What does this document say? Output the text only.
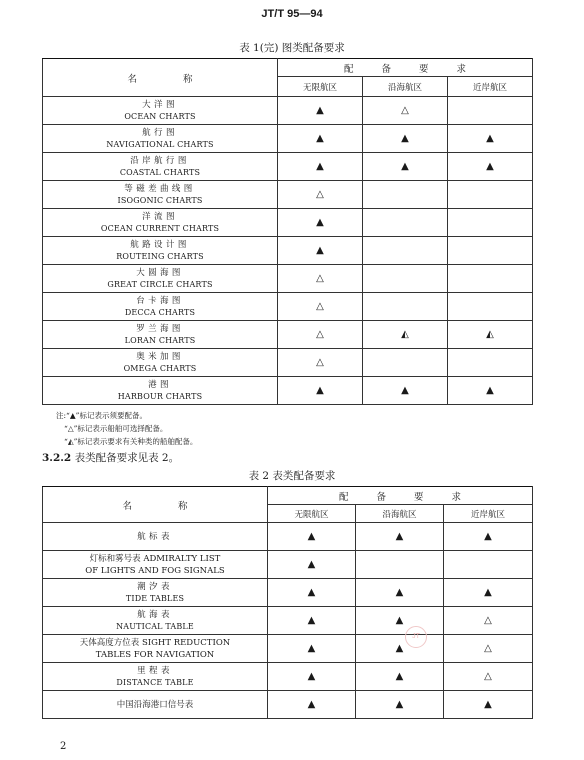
JT/T 95—94
表 1(完) 图类配备要求
名称	配备要求		
	无限航区	沿海航区	近岸航区

大洋图
OCEAN CHARTS	▲	△	

航行图
NAVIGATIONAL CHARTS	▲	▲	▲

沿岸航行图
COASTAL CHARTS	▲	▲	▲

等磁差曲线图
ISOGONIC CHARTS	△		

洋流图
OCEAN CURRENT CHARTS	▲		

航路设计图
ROUTEING CHARTS	▲		

大圆海图
GREAT CIRCLE CHARTS	△		

台卡海图
DECCA CHARTS	△		

罗兰海图
LORAN CHARTS	△	◭	◭

奥米加图
OMEGA CHARTS	△		

港图
HARBOUR CHARTS	▲	▲	▲
注:“▲”标记表示须要配备。
“△”标记表示船舶可选择配备。
“◭”标记表示要求有关种类的船舶配备。
3.2.2 表类配备要求见表 2。
表 2 表类配备要求
名称	配备要求		
	无限航区	沿海航区	近岸航区

航标表	▲	▲	▲

灯标和雾号表 ADMIRALTY LIST
OF LIGHTS AND FOG SIGNALS	▲		

潮汐表
TIDE TABLES	▲	▲	▲

航海表
NAUTICAL TABLE	▲	▲	△

天体高度方位表 SIGHT REDUCTION
TABLES FOR NAVIGATION	▲	▲	△

里程表
DISTANCE TABLE	▲	▲	△

中国沿海港口信号表	▲	▲	▲
JT
2
